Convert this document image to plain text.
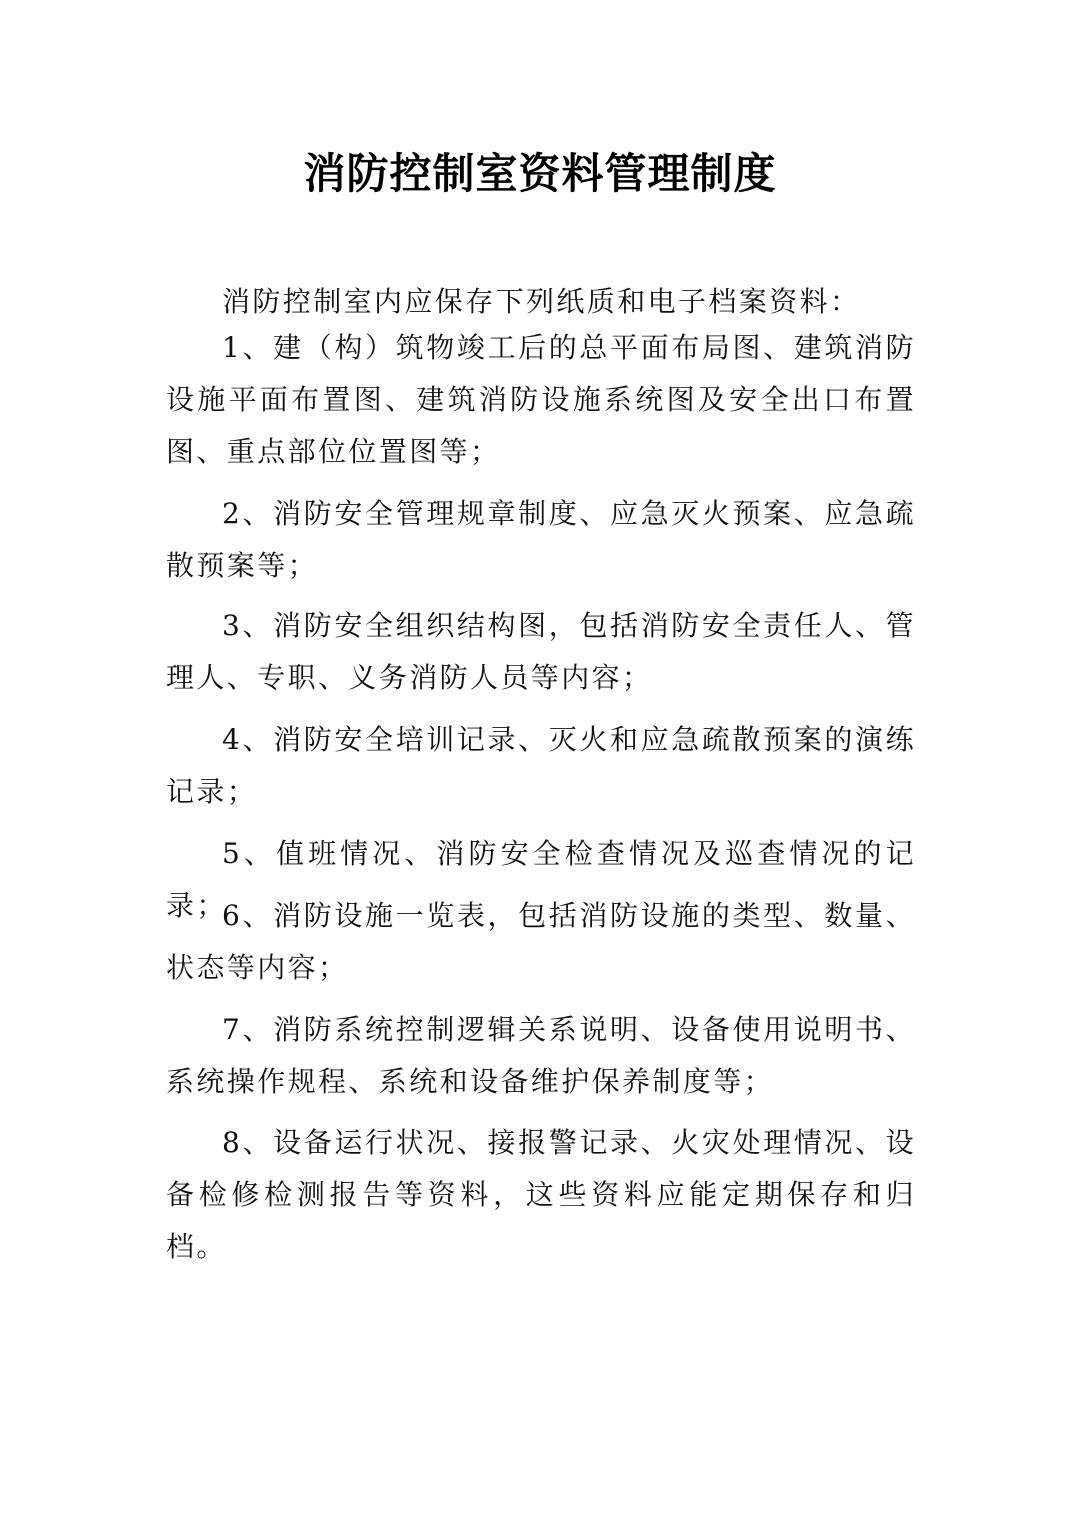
消防控制室资料管理制度

消防控制室内应保存下列纸质和电子档案资料：

1、建（构）筑物竣工后的总平面布局图、建筑消防设施平面布置图、建筑消防设施系统图及安全出口布置图、重点部位位置图等；

2、消防安全管理规章制度、应急灭火预案、应急疏散预案等；

3、消防安全组织结构图，包括消防安全责任人、管理人、专职、义务消防人员等内容；

4、消防安全培训记录、灭火和应急疏散预案的演练记录；

5、值班情况、消防安全检查情况及巡查情况的记录；

6、消防设施一览表，包括消防设施的类型、数量、状态等内容；

7、消防系统控制逻辑关系说明、设备使用说明书、系统操作规程、系统和设备维护保养制度等；

8、设备运行状况、接报警记录、火灾处理情况、设备检修检测报告等资料，这些资料应能定期保存和归档。
